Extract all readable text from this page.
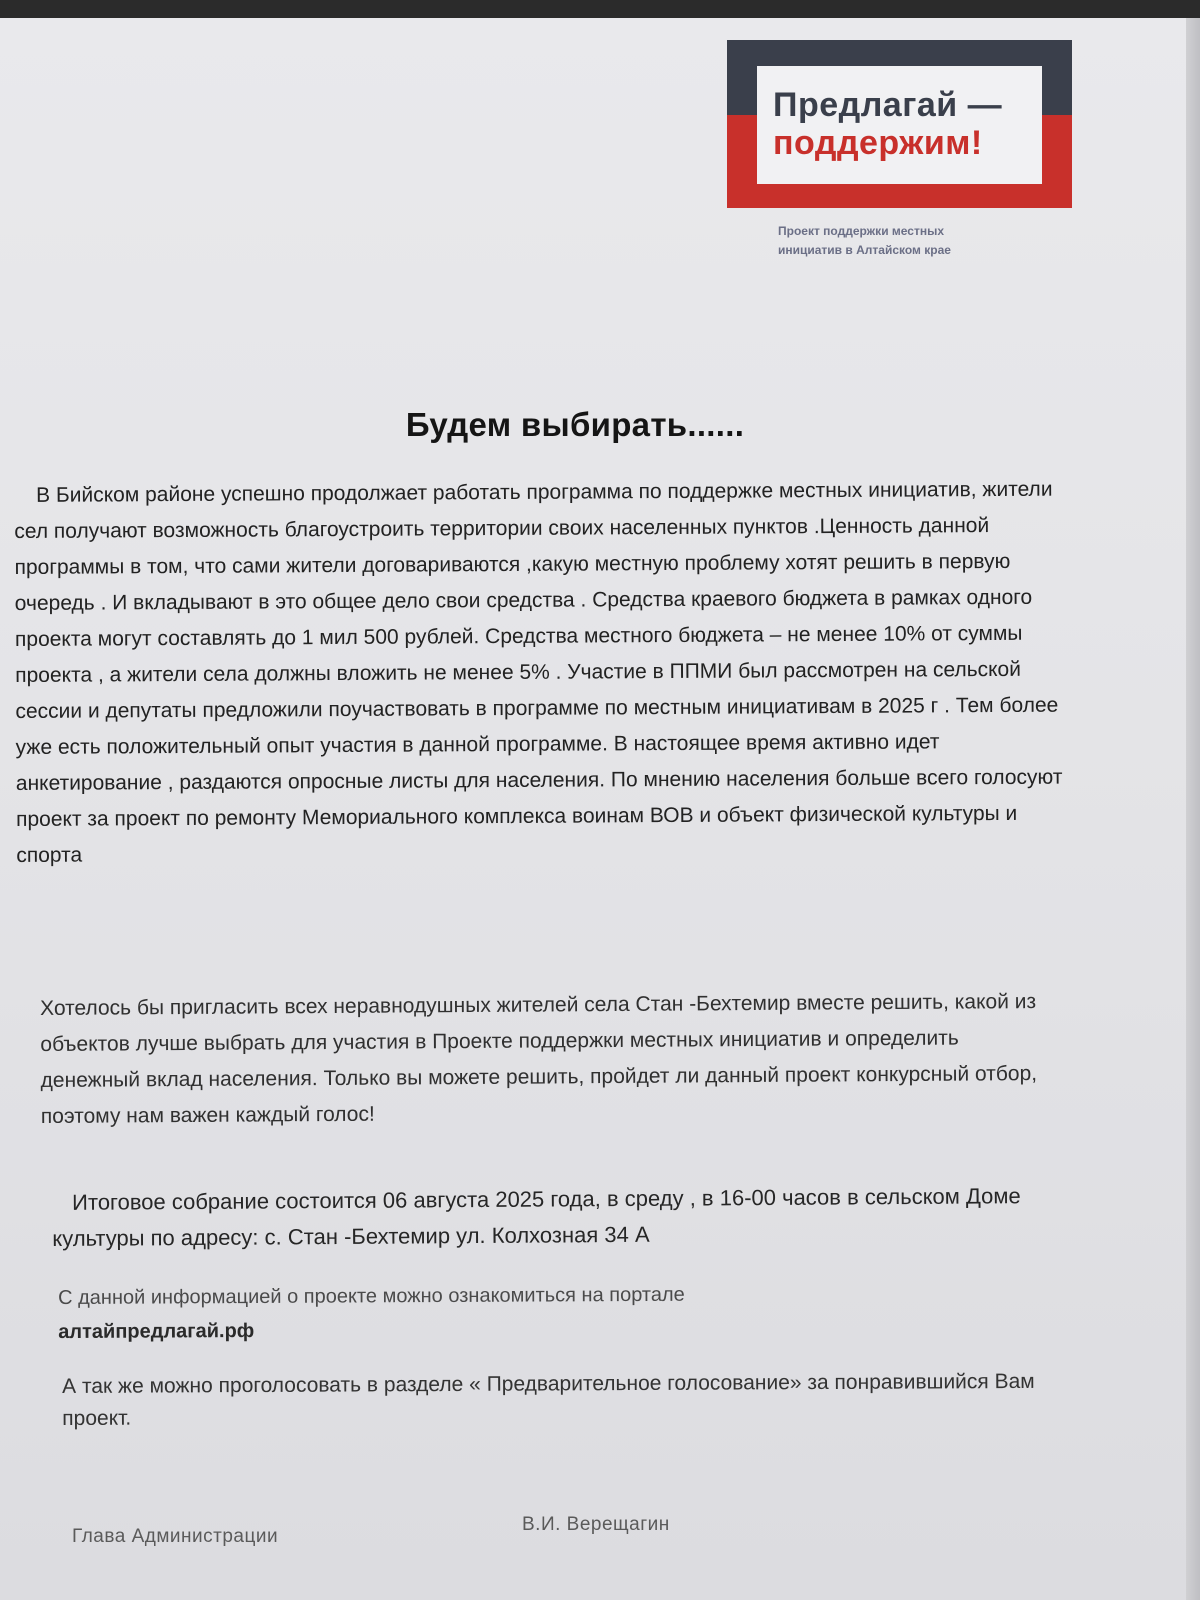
Предлагай —
поддержим!
Проект поддержки местных
инициатив в Алтайском крае
Будем выбирать......
В Бийском районе успешно продолжает работать программа по поддержке местных инициатив, жители сел получают возможность благоустроить территории своих населенных пунктов .Ценность данной программы в том, что сами жители договариваются ,какую местную проблему хотят решить в первую очередь . И вкладывают в это общее дело свои средства . Средства краевого бюджета в рамках одного проекта могут составлять до 1 мил 500 рублей. Средства местного бюджета – не менее 10% от суммы проекта , а жители села должны вложить не менее 5% . Участие в ППМИ был рассмотрен на сельской сессии и депутаты предложили поучаствовать в программе по местным инициативам в 2025 г . Тем более уже есть положительный опыт участия в данной программе. В настоящее время активно идет анкетирование , раздаются опросные листы для населения. По мнению населения больше всего голосуют проект за проект по ремонту Мемориального комплекса воинам ВОВ и объект физической культуры и спорта
Хотелось бы пригласить всех неравнодушных жителей села Стан -Бехтемир вместе решить, какой из объектов лучше выбрать для участия в Проекте поддержки местных инициатив и определить денежный вклад населения. Только вы можете решить, пройдет ли данный проект конкурсный отбор, поэтому нам важен каждый голос!
Итоговое собрание состоится 06 августа 2025 года, в среду , в 16-00 часов в сельском Доме культуры по адресу: с. Стан -Бехтемир ул. Колхозная 34 А
С данной информацией о проекте можно ознакомиться на портале
алтайпредлагай.рф
А так же можно проголосовать в разделе « Предварительное голосование» за понравившийся Вам проект.
Глава Администрации
В.И. Верещагин
